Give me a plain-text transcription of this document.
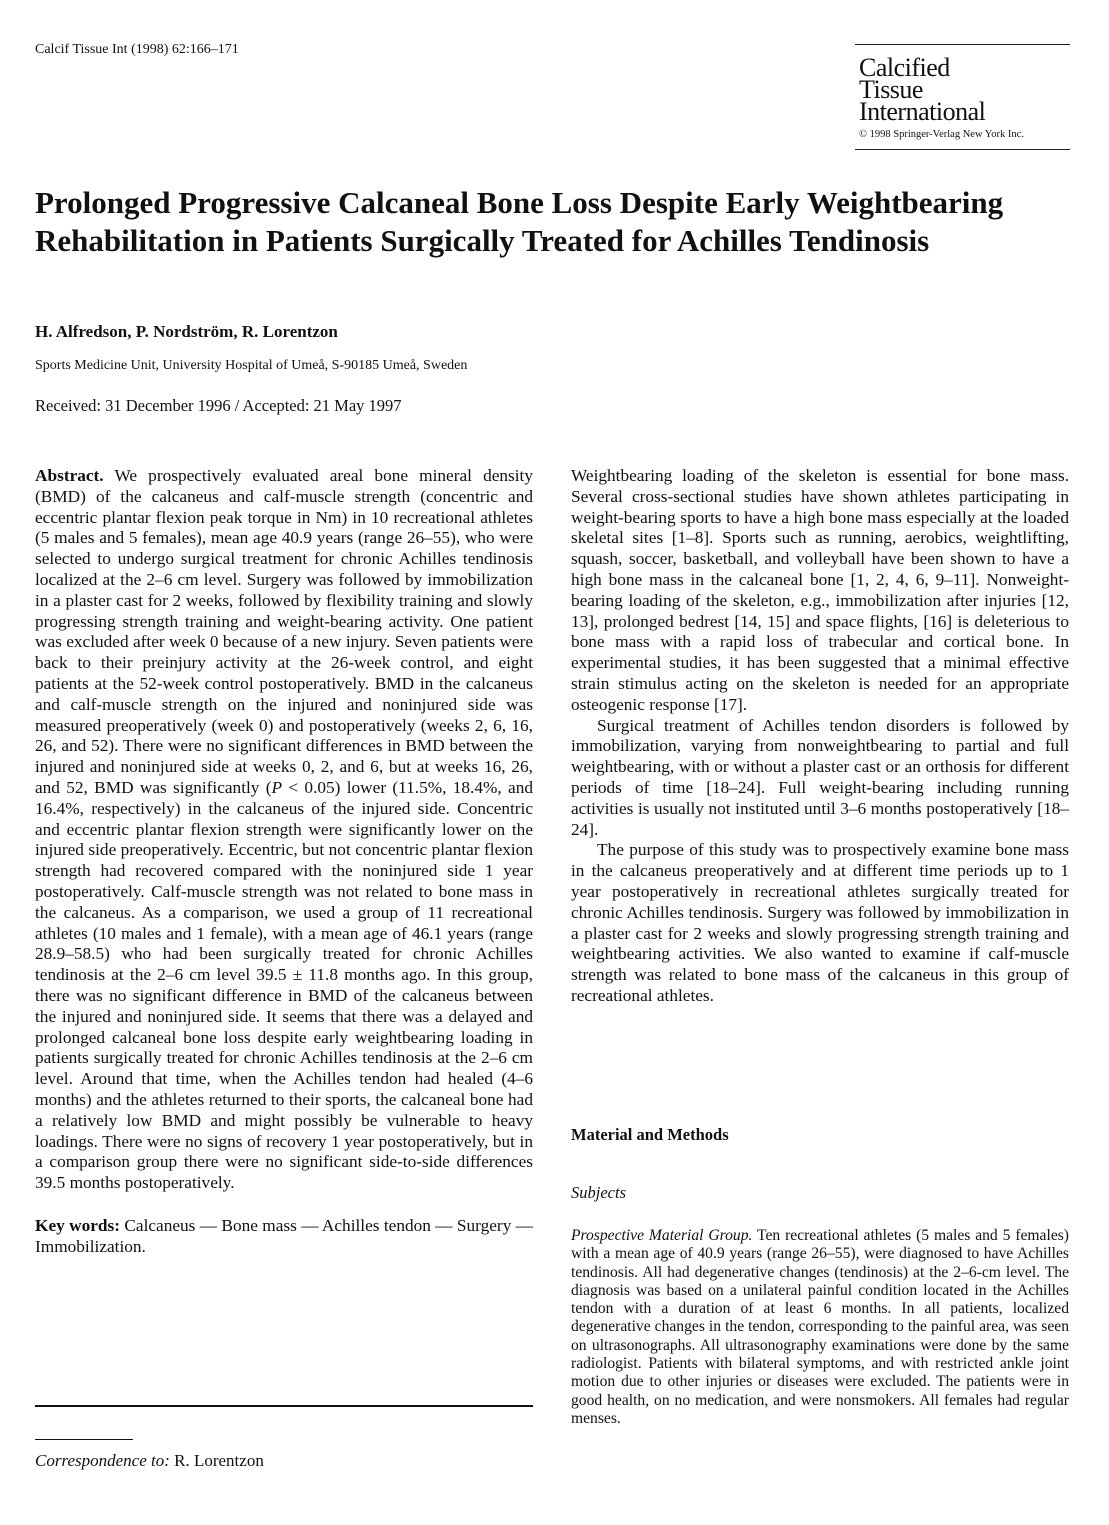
Calcif Tissue Int (1998) 62:166–171
Calcified
Tissue
International
© 1998 Springer-Verlag New York Inc.
Prolonged Progressive Calcaneal Bone Loss Despite Early Weightbearing Rehabilitation in Patients Surgically Treated for Achilles Tendinosis
H. Alfredson, P. Nordström, R. Lorentzon
Sports Medicine Unit, University Hospital of Umeå, S-90185 Umeå, Sweden
Received: 31 December 1996 / Accepted: 21 May 1997

Abstract. We prospectively evaluated areal bone mineral density (BMD) of the calcaneus and calf-muscle strength (concentric and eccentric plantar flexion peak torque in Nm) in 10 recreational athletes (5 males and 5 females), mean age 40.9 years (range 26–55), who were selected to undergo surgical treatment for chronic Achilles tendinosis localized at the 2–6 cm level. Surgery was followed by immobilization in a plaster cast for 2 weeks, followed by flexibility training and slowly progressing strength training and weight-bearing activity. One patient was excluded after week 0 because of a new injury. Seven patients were back to their preinjury activity at the 26-week control, and eight patients at the 52-week control postoperatively. BMD in the calcaneus and calf-muscle strength on the injured and noninjured side was measured preoperatively (week 0) and postoperatively (weeks 2, 6, 16, 26, and 52). There were no significant differences in BMD between the injured and noninjured side at weeks 0, 2, and 6, but at weeks 16, 26, and 52, BMD was significantly (P < 0.05) lower (11.5%, 18.4%, and 16.4%, respectively) in the calcaneus of the injured side. Concentric and eccentric plantar flexion strength were significantly lower on the injured side preoperatively. Eccentric, but not concentric plantar flexion strength had recovered compared with the noninjured side 1 year postoperatively. Calf-muscle strength was not related to bone mass in the calcaneus. As a comparison, we used a group of 11 recreational athletes (10 males and 1 female), with a mean age of 46.1 years (range 28.9–58.5) who had been surgically treated for chronic Achilles tendinosis at the 2–6 cm level 39.5 ± 11.8 months ago. In this group, there was no significant difference in BMD of the calcaneus between the injured and noninjured side. It seems that there was a delayed and prolonged calcaneal bone loss despite early weightbearing loading in patients surgically treated for chronic Achilles tendinosis at the 2–6 cm level. Around that time, when the Achilles tendon had healed (4–6 months) and the athletes returned to their sports, the calcaneal bone had a relatively low BMD and might possibly be vulnerable to heavy loadings. There were no signs of recovery 1 year postoperatively, but in a comparison group there were no significant side-to-side differences 39.5 months postoperatively.

Key words: Calcaneus — Bone mass — Achilles tendon — Surgery — Immobilization.

Correspondence to: R. Lorentzon

Weightbearing loading of the skeleton is essential for bone mass. Several cross-sectional studies have shown athletes participating in weight-bearing sports to have a high bone mass especially at the loaded skeletal sites [1–8]. Sports such as running, aerobics, weightlifting, squash, soccer, basketball, and volleyball have been shown to have a high bone mass in the calcaneal bone [1, 2, 4, 6, 9–11]. Nonweight-bearing loading of the skeleton, e.g., immobilization after injuries [12, 13], prolonged bedrest [14, 15] and space flights, [16] is deleterious to bone mass with a rapid loss of trabecular and cortical bone. In experimental studies, it has been suggested that a minimal effective strain stimulus acting on the skeleton is needed for an appropriate osteogenic response [17].

Surgical treatment of Achilles tendon disorders is followed by immobilization, varying from nonweightbearing to partial and full weightbearing, with or without a plaster cast or an orthosis for different periods of time [18–24]. Full weight-bearing including running activities is usually not instituted until 3–6 months postoperatively [18–24].

The purpose of this study was to prospectively examine bone mass in the calcaneus preoperatively and at different time periods up to 1 year postoperatively in recreational athletes surgically treated for chronic Achilles tendinosis. Surgery was followed by immobilization in a plaster cast for 2 weeks and slowly progressing strength training and weightbearing activities. We also wanted to examine if calf-muscle strength was related to bone mass of the calcaneus in this group of recreational athletes.

Material and Methods
Subjects

Prospective Material Group. Ten recreational athletes (5 males and 5 females) with a mean age of 40.9 years (range 26–55), were diagnosed to have Achilles tendinosis. All had degenerative changes (tendinosis) at the 2–6-cm level. The diagnosis was based on a unilateral painful condition located in the Achilles tendon with a duration of at least 6 months. In all patients, localized degenerative changes in the tendon, corresponding to the painful area, was seen on ultrasonographs. All ultrasonography examinations were done by the same radiologist. Patients with bilateral symptoms, and with restricted ankle joint motion due to other injuries or diseases were excluded. The patients were in good health, on no medication, and were nonsmokers. All females had regular menses.
